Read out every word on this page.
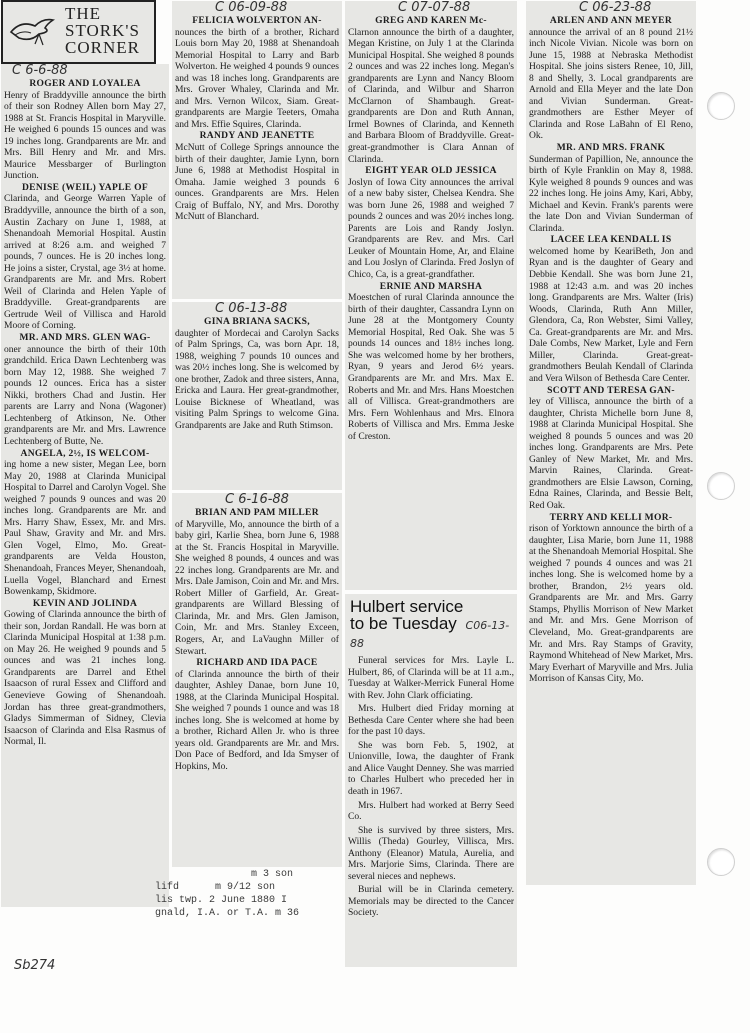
THE
STORK'S
CORNER
C 6-6-88
ROGER AND LOYALEA

Henry of Braddyville announce the birth of their son Rodney Allen born May 27, 1988 at St. Francis Hospital in Maryville. He weighed 6 pounds 15 ounces and was 19 inches long. Grandparents are Mr. and Mrs. Bill Henry and Mr. and Mrs. Maurice Messbarger of Burlington Junction.

DENISE (WEIL) YAPLE OF

Clarinda, and George Warren Yaple of Braddyville, announce the birth of a son, Austin Zachary on June 1, 1988, at Shenandoah Memorial Hospital. Austin arrived at 8:26 a.m. and weighed 7 pounds, 7 ounces. He is 20 inches long. He joins a sister, Crystal, age 3½ at home. Grandparents are Mr. and Mrs. Robert Weil of Clarinda and Helen Yaple of Braddyville. Great-grandparents are Gertrude Weil of Villisca and Harold Moore of Corning.

MR. AND MRS. GLEN WAG-

oner announce the birth of their 10th grandchild. Erica Dawn Lechtenberg was born May 12, 1988. She weighed 7 pounds 12 ounces. Erica has a sister Nikki, brothers Chad and Justin. Her parents are Larry and Nona (Wagoner) Lechtenberg of Atkinson, Ne. Other grandparents are Mr. and Mrs. Lawrence Lechtenberg of Butte, Ne.

ANGELA, 2½, IS WELCOM-

ing home a new sister, Megan Lee, born May 20, 1988 at Clarinda Municipal Hospital to Darrel and Carolyn Vogel. She weighed 7 pounds 9 ounces and was 20 inches long. Grandparents are Mr. and Mrs. Harry Shaw, Essex, Mr. and Mrs. Paul Shaw, Gravity and Mr. and Mrs. Glen Vogel, Elmo, Mo. Great-grandparents are Velda Houston, Shenandoah, Frances Meyer, Shenandoah, Luella Vogel, Blanchard and Ernest Bowenkamp, Skidmore.

KEVIN AND JOLINDA

Gowing of Clarinda announce the birth of their son, Jordan Randall. He was born at Clarinda Municipal Hospital at 1:38 p.m. on May 26. He weighed 9 pounds and 5 ounces and was 21 inches long. Grandparents are Darrel and Ethel Isaacson of rural Essex and Clifford and Genevieve Gowing of Shenandoah. Jordan has three great-grandmothers, Gladys Simmerman of Sidney, Clevia Isaacson of Clarinda and Elsa Rasmus of Normal, Il.

C 06-09-88
FELICIA WOLVERTON AN-

nounces the birth of a brother, Richard Louis born May 20, 1988 at Shenandoah Memorial Hospital to Larry and Barb Wolverton. He weighed 4 pounds 9 ounces and was 18 inches long. Grandparents are Mrs. Grover Whaley, Clarinda and Mr. and Mrs. Vernon Wilcox, Siam. Great-grandparents are Margie Teeters, Omaha and Mrs. Effie Squires, Clarinda.

RANDY AND JEANETTE

McNutt of College Springs announce the birth of their daughter, Jamie Lynn, born June 6, 1988 at Methodist Hospital in Omaha. Jamie weighed 3 pounds 6 ounces. Grandparents are Mrs. Helen Craig of Buffalo, NY, and Mrs. Dorothy McNutt of Blanchard.

C 06-13-88
GINA BRIANA SACKS,

daughter of Mordecai and Carolyn Sacks of Palm Springs, Ca, was born Apr. 18, 1988, weighing 7 pounds 10 ounces and was 20½ inches long. She is welcomed by one brother, Zadok and three sisters, Anna, Ericka and Laura. Her great-grandmother, Louise Bicknese of Wheatland, was visiting Palm Springs to welcome Gina. Grandparents are Jake and Ruth Stimson.

C 6-16-88
BRIAN AND PAM MILLER

of Maryville, Mo, announce the birth of a baby girl, Karlie Shea, born June 6, 1988 at the St. Francis Hospital in Maryville. She weighed 8 pounds, 4 ounces and was 22 inches long. Grandparents are Mr. and Mrs. Dale Jamison, Coin and Mr. and Mrs. Robert Miller of Garfield, Ar. Great-grandparents are Willard Blessing of Clarinda, Mr. and Mrs. Glen Jamison, Coin, Mr. and Mrs. Stanley Exceen, Rogers, Ar, and LaVaughn Miller of Stewart.

RICHARD AND IDA PACE

of Clarinda announce the birth of their daughter, Ashley Danae, born June 10, 1988, at the Clarinda Municipal Hospital. She weighed 7 pounds 1 ounce and was 18 inches long. She is welcomed at home by a brother, Richard Allen Jr. who is three years old. Grandparents are Mr. and Mrs. Don Pace of Bedford, and Ida Smyser of Hopkins, Mo.

m 3 son
lifd      m 9/12 son
lis twp. 2 June 1880 I
gnald, I.A. or T.A. m 36
C 07-07-88
GREG AND KAREN Mc-

Clarnon announce the birth of a daughter, Megan Kristine, on July 1 at the Clarinda Municipal Hospital. She weighed 8 pounds 2 ounces and was 22 inches long. Megan's grandparents are Lynn and Nancy Bloom of Clarinda, and Wilbur and Sharron McClarnon of Shambaugh. Great-grandparents are Don and Ruth Annan, Irmel Bownes of Clarinda, and Kenneth and Barbara Bloom of Braddyville. Great-great-grandmother is Clara Annan of Clarinda.

EIGHT YEAR OLD JESSICA

Joslyn of Iowa City announces the arrival of a new baby sister, Chelsea Kendra. She was born June 26, 1988 and weighed 7 pounds 2 ounces and was 20½ inches long. Parents are Lois and Randy Joslyn. Grandparents are Rev. and Mrs. Carl Leuker of Mountain Home, Ar, and Elaine and Lou Joslyn of Clarinda. Fred Joslyn of Chico, Ca, is a great-grandfather.

ERNIE AND MARSHA

Moestchen of rural Clarinda announce the birth of their daughter, Cassandra Lynn on June 28 at the Montgomery County Memorial Hospital, Red Oak. She was 5 pounds 14 ounces and 18½ inches long. She was welcomed home by her brothers, Ryan, 9 years and Jerod 6½ years. Grandparents are Mr. and Mrs. Max E. Roberts and Mr. and Mrs. Hans Moestchen all of Villisca. Great-grandmothers are Mrs. Fern Wohlenhaus and Mrs. Elnora Roberts of Villisca and Mrs. Emma Jeske of Creston.

Hulbert service
to be Tuesday C06-13-88

Funeral services for Mrs. Layle L. Hulbert, 86, of Clarinda will be at 11 a.m., Tuesday at Walker-Merrick Funeral Home with Rev. John Clark officiating.

Mrs. Hulbert died Friday morning at Bethesda Care Center where she had been for the past 10 days.

She was born Feb. 5, 1902, at Unionville, Iowa, the daughter of Frank and Alice Vaught Denney. She was married to Charles Hulbert who preceded her in death in 1967.

Mrs. Hulbert had worked at Berry Seed Co.

She is survived by three sisters, Mrs. Willis (Theda) Gourley, Villisca, Mrs. Anthony (Eleanor) Matula, Aurelia, and Mrs. Marjorie Sims, Clarinda. There are several nieces and nephews.

Burial will be in Clarinda cemetery. Memorials may be directed to the Cancer Society.

C 06-23-88
ARLEN AND ANN MEYER

announce the arrival of an 8 pound 21½ inch Nicole Vivian. Nicole was born on June 15, 1988 at Nebraska Methodist Hospital. She joins sisters Renee, 10, Jill, 8 and Shelly, 3. Local grandparents are Arnold and Ella Meyer and the late Don and Vivian Sunderman. Great-grandmothers are Esther Meyer of Clarinda and Rose LaBahn of El Reno, Ok.

MR. AND MRS. FRANK

Sunderman of Papillion, Ne, announce the birth of Kyle Franklin on May 8, 1988. Kyle weighed 8 pounds 9 ounces and was 22 inches long. He joins Amy, Kari, Abby, Michael and Kevin. Frank's parents were the late Don and Vivian Sunderman of Clarinda.

LACEE LEA KENDALL IS

welcomed home by KeariBeth, Jon and Ryan and is the daughter of Geary and Debbie Kendall. She was born June 21, 1988 at 12:43 a.m. and was 20 inches long. Grandparents are Mrs. Walter (Iris) Woods, Clarinda, Ruth Ann Miller, Glendora, Ca, Ron Webster, Simi Valley, Ca. Great-grandparents are Mr. and Mrs. Dale Combs, New Market, Lyle and Fern Miller, Clarinda. Great-great-grandmothers Beulah Kendall of Clarinda and Vera Wilson of Bethesda Care Center.

SCOTT AND TERESA GAN-

ley of Villisca, announce the birth of a daughter, Christa Michelle born June 8, 1988 at Clarinda Municipal Hospital. She weighed 8 pounds 5 ounces and was 20 inches long. Grandparents are Mrs. Pete Ganley of New Market, Mr. and Mrs. Marvin Raines, Clarinda. Great-grandmothers are Elsie Lawson, Corning, Edna Raines, Clarinda, and Bessie Belt, Red Oak.

TERRY AND KELLI MOR-

rison of Yorktown announce the birth of a daughter, Lisa Marie, born June 11, 1988 at the Shenandoah Memorial Hospital. She weighed 7 pounds 4 ounces and was 21 inches long. She is welcomed home by a brother, Brandon, 2½ years old. Grandparents are Mr. and Mrs. Garry Stamps, Phyllis Morrison of New Market and Mr. and Mrs. Gene Morrison of Cleveland, Mo. Great-grandparents are Mr. and Mrs. Ray Stamps of Gravity, Raymond Whitehead of New Market, Mrs. Mary Everhart of Maryville and Mrs. Julia Morrison of Kansas City, Mo.

Sb274
